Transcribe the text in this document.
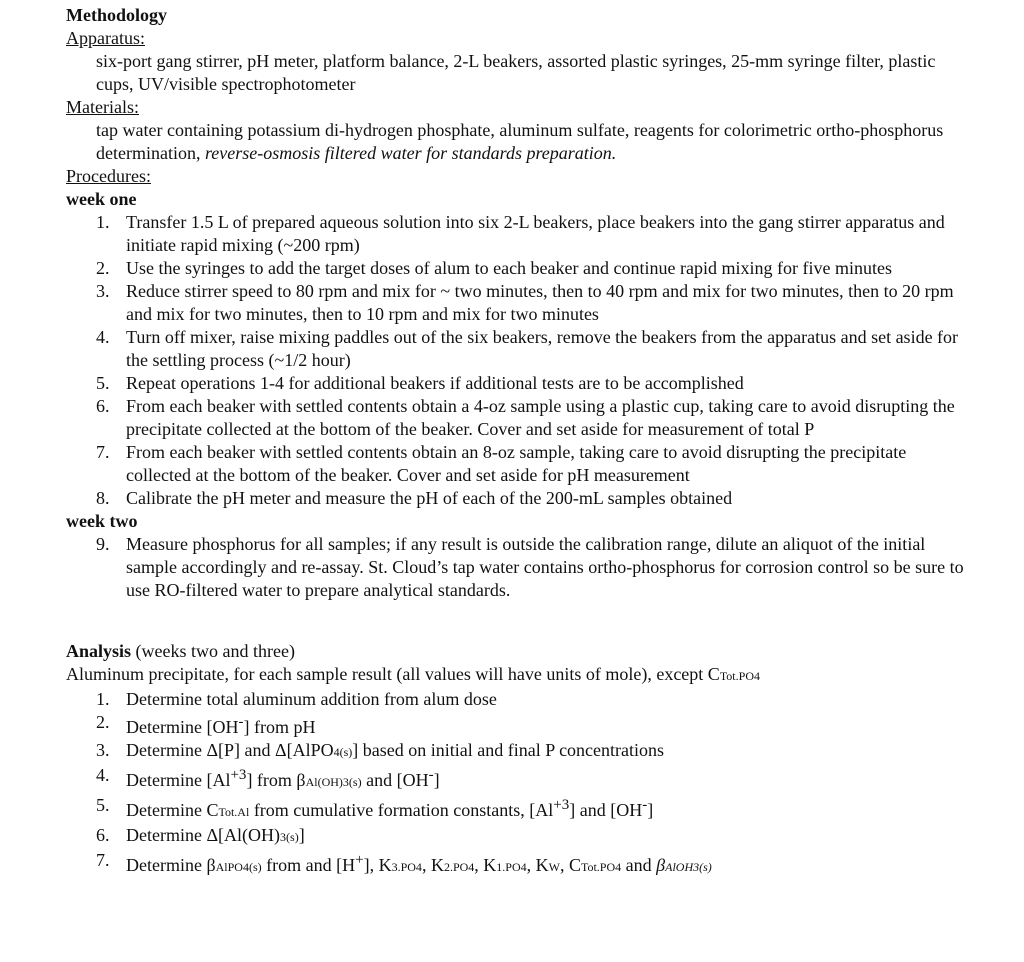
Methodology
Apparatus:
six-port gang stirrer, pH meter, platform balance, 2-L beakers, assorted plastic syringes, 25-mm syringe filter, plastic cups, UV/visible spectrophotometer
Materials:
tap water containing potassium di-hydrogen phosphate, aluminum sulfate, reagents for colorimetric ortho-phosphorus determination, reverse-osmosis filtered water for standards preparation.
Procedures:
week one
1. Transfer 1.5 L of prepared aqueous solution into six 2-L beakers, place beakers into the gang stirrer apparatus and initiate rapid mixing (~200 rpm)
2. Use the syringes to add the target doses of alum to each beaker and continue rapid mixing for five minutes
3. Reduce stirrer speed to 80 rpm and mix for ~ two minutes, then to 40 rpm and mix for two minutes, then to 20 rpm and mix for two minutes, then to 10 rpm and mix for two minutes
4. Turn off mixer, raise mixing paddles out of the six beakers, remove the beakers from the apparatus and set aside for the settling process (~1/2 hour)
5. Repeat operations 1-4 for additional beakers if additional tests are to be accomplished
6. From each beaker with settled contents obtain a 4-oz sample using a plastic cup, taking care to avoid disrupting the precipitate collected at the bottom of the beaker. Cover and set aside for measurement of total P
7. From each beaker with settled contents obtain an 8-oz sample, taking care to avoid disrupting the precipitate collected at the bottom of the beaker. Cover and set aside for pH measurement
8. Calibrate the pH meter and measure the pH of each of the 200-mL samples obtained
week two
9. Measure phosphorus for all samples; if any result is outside the calibration range, dilute an aliquot of the initial sample accordingly and re-assay. St. Cloud’s tap water contains ortho-phosphorus for corrosion control so be sure to use RO-filtered water to prepare analytical standards.
Analysis (weeks two and three)
Aluminum precipitate, for each sample result (all values will have units of mole), except CTot.PO4
1. Determine total aluminum addition from alum dose
2. Determine [OH-] from pH
3. Determine Δ[P] and Δ[AlPO4(s)] based on initial and final P concentrations
4. Determine $[Al^{+3}]$ from βAl(OH)3(s) and [OH-]
5. Determine CTot.Al from cumulative formation constants, $[Al^{+3}]$ and [OH-]
6. Determine Δ[Al(OH)3(s)]
7. Determine βAlPO4(s) from and [H+], K3.PO4, K2.PO4, K1.PO4, KW, CTot.PO4 and βAlOH3(s)
